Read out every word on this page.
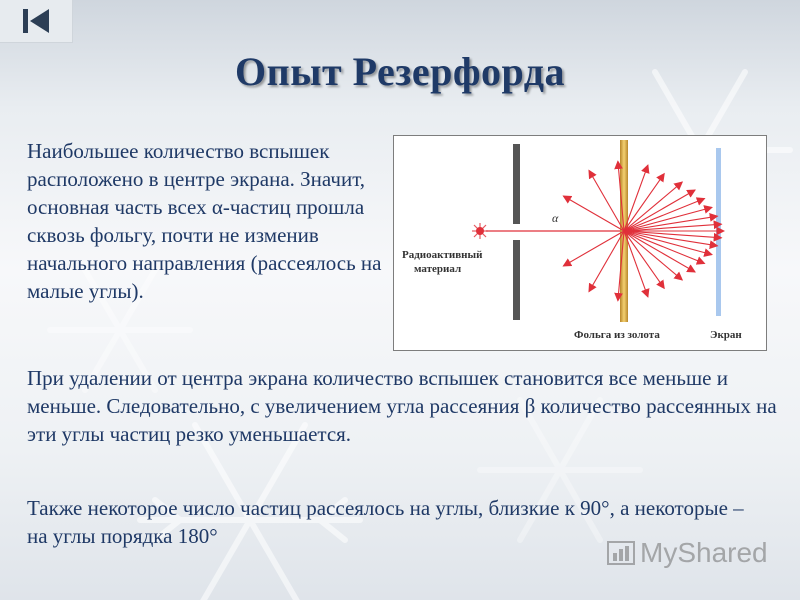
Опыт Резерфорда

Наибольшее количество вспышек расположено в центре экрана. Значит, основная часть всех α-частиц прошла сквозь фольгу, почти не изменив начального направления (рассеялось на малые углы).

Радиоактивный
материал
α
Фольга из золота	Экран

При удалении от центра экрана количество вспышек становится все меньше и меньше. Следовательно, с увеличением угла рассеяния β количество рассеянных на эти углы частиц резко уменьшается.

Также некоторое число частиц рассеялось на углы, близкие к 90°, а некоторые – на углы порядка 180°

MyShared
